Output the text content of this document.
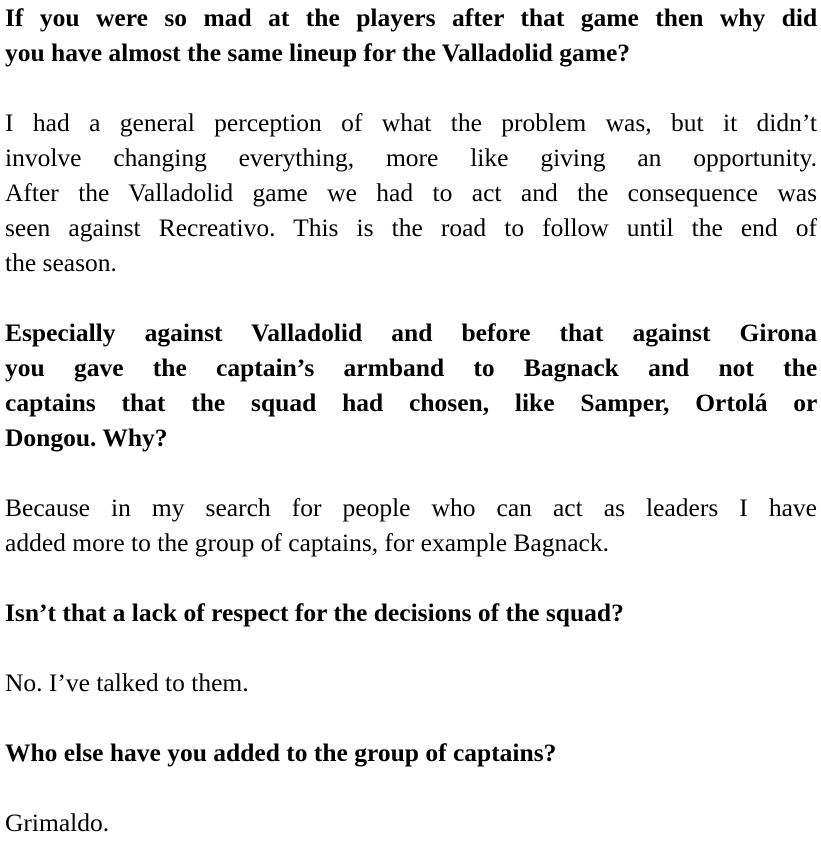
If you were so mad at the players after that game then why did
you have almost the same lineup for the Valladolid game?
I had a general perception of what the problem was, but it didn’t
involve changing everything, more like giving an opportunity.
After the Valladolid game we had to act and the consequence was
seen against Recreativo. This is the road to follow until the end of
the season.
Especially against Valladolid and before that against Girona
you gave the captain’s armband to Bagnack and not the
captains that the squad had chosen, like Samper, Ortolá or
Dongou. Why?
Because in my search for people who can act as leaders I have
added more to the group of captains, for example Bagnack.
Isn’t that a lack of respect for the decisions of the squad?
No. I’ve talked to them.
Who else have you added to the group of captains?
Grimaldo.
